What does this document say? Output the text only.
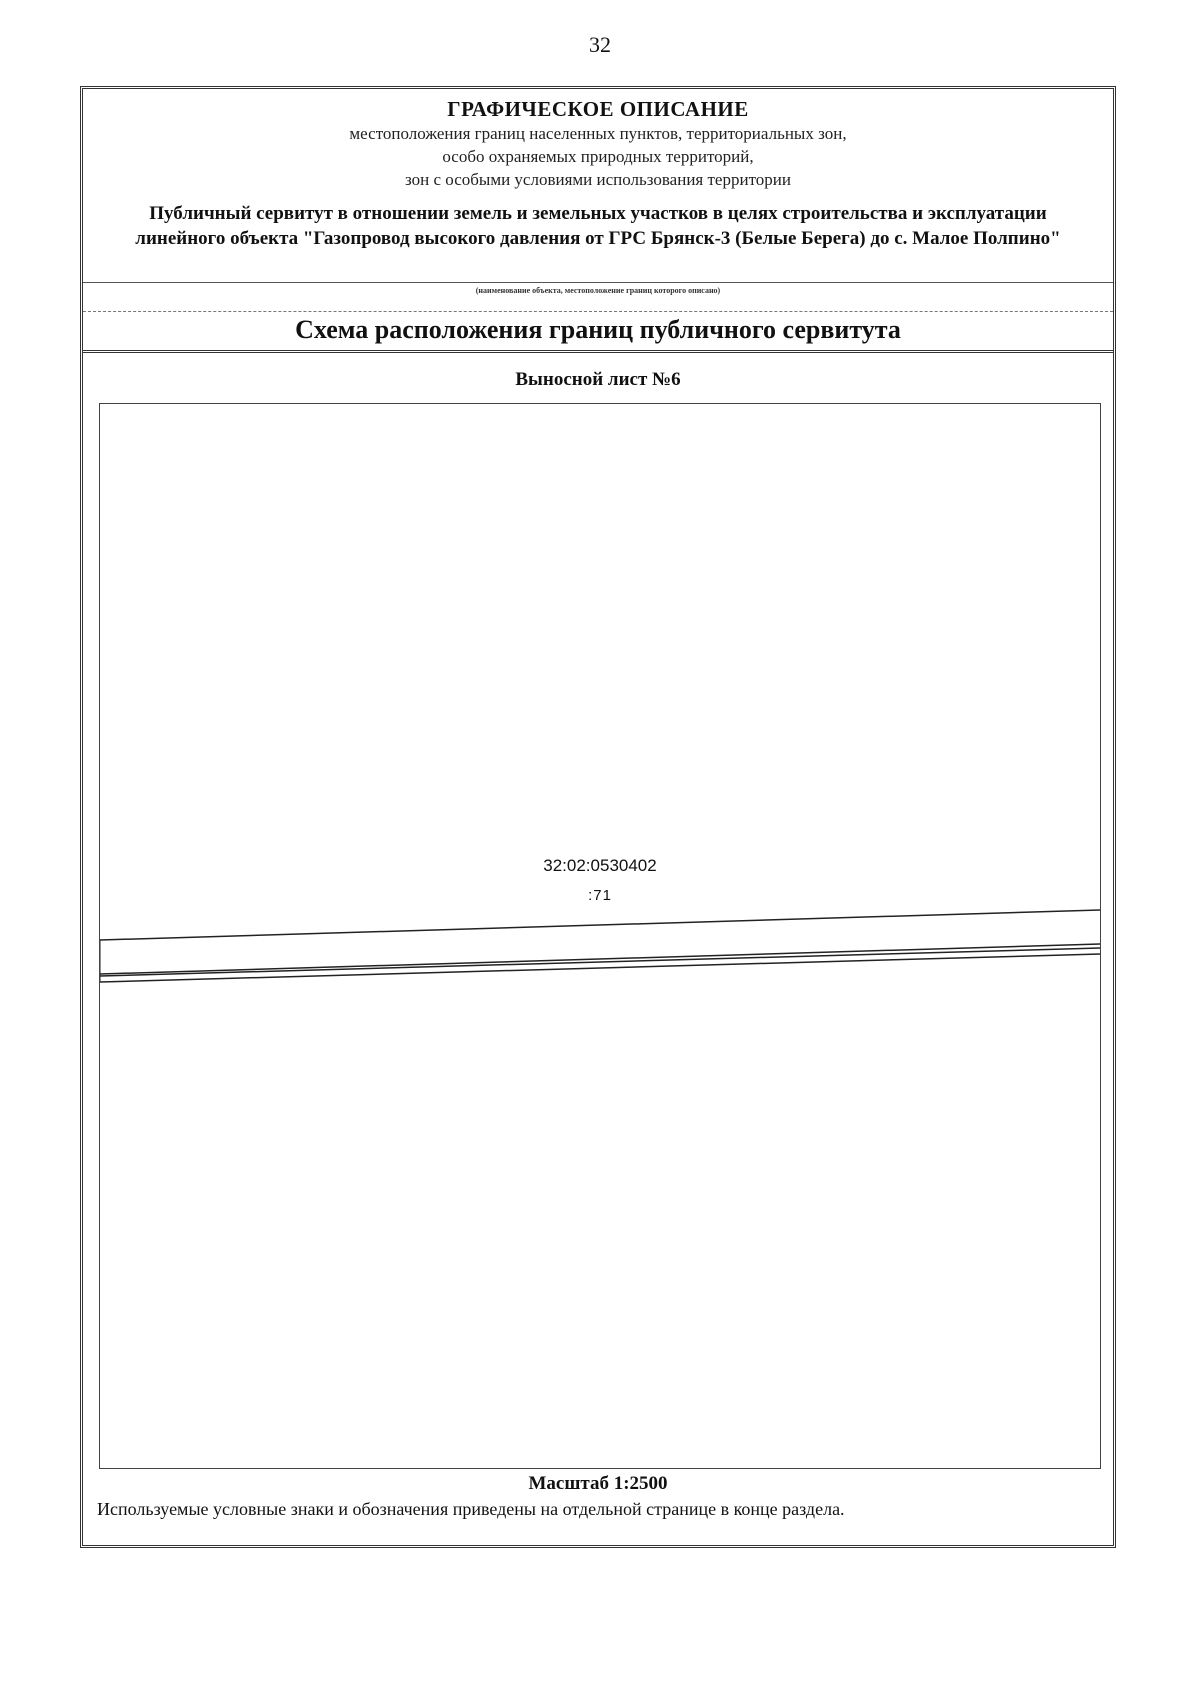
32
ГРАФИЧЕСКОЕ ОПИСАНИЕ
местоположения границ населенных пунктов, территориальных зон,
особо охраняемых природных территорий,
зон с особыми условиями использования территории
Публичный сервитут в отношении земель и земельных участков в целях строительства и эксплуатации линейного объекта "Газопровод высокого давления от ГРС Брянск-3 (Белые Берега) до с. Малое Полпино"
(наименование объекта, местоположение границ которого описано)
Схема расположения границ публичного сервитута
Выносной лист №6
32:02:0530402
:71
Масштаб 1:2500
Используемые условные знаки и обозначения приведены на отдельной странице в конце раздела.
